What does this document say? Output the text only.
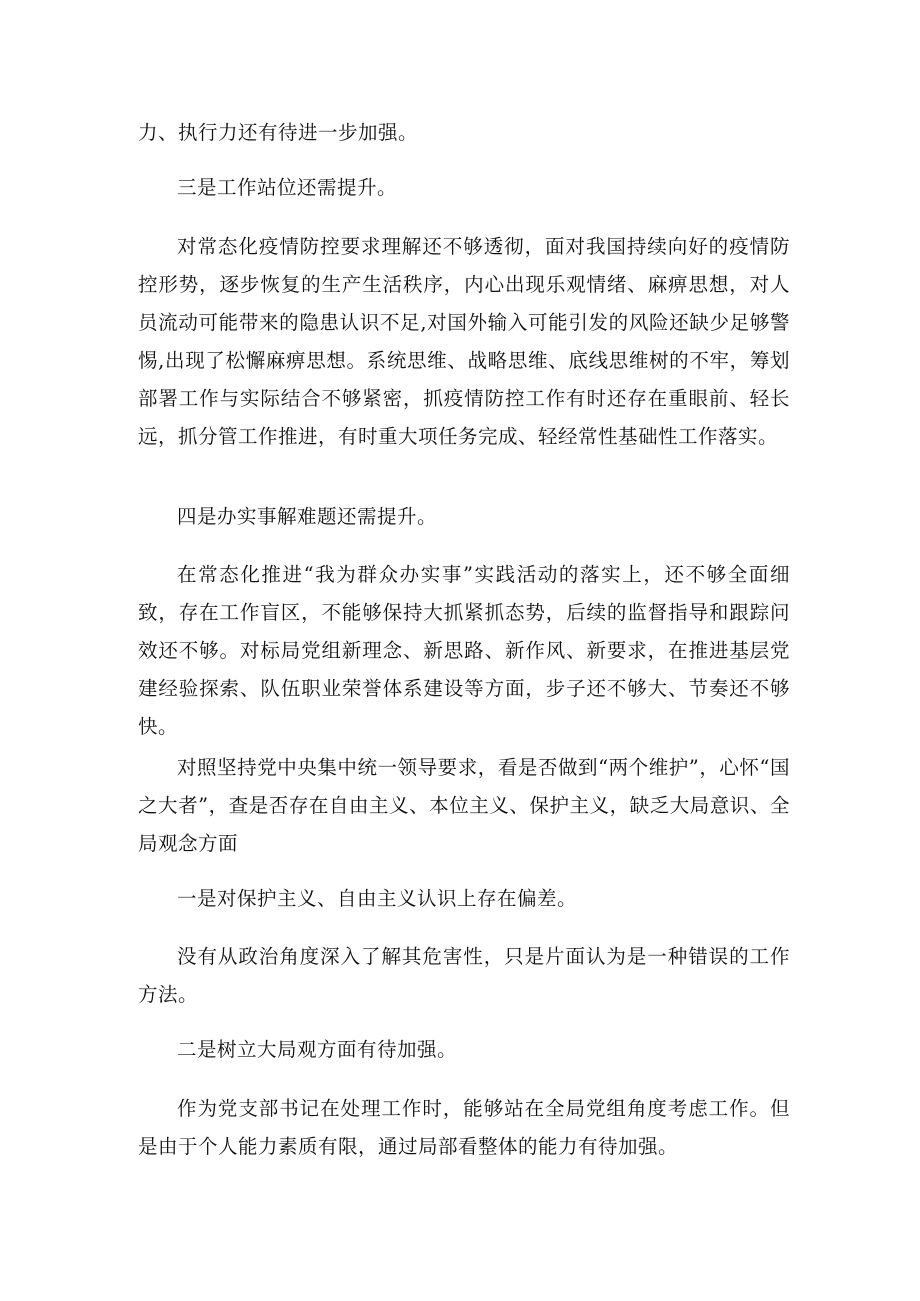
力、执行力还有待进一步加强。

三是工作站位还需提升。

对常态化疫情防控要求理解还不够透彻，面对我国持续向好的疫情防控形势，逐步恢复的生产生活秩序，内心出现乐观情绪、麻痹思想，对人员流动可能带来的隐患认识不足,对国外输入可能引发的风险还缺少足够警惕,出现了松懈麻痹思想。系统思维、战略思维、底线思维树的不牢，筹划部署工作与实际结合不够紧密，抓疫情防控工作有时还存在重眼前、轻长远，抓分管工作推进，有时重大项任务完成、轻经常性基础性工作落实。

四是办实事解难题还需提升。

在常态化推进“我为群众办实事”实践活动的落实上，还不够全面细致，存在工作盲区，不能够保持大抓紧抓态势，后续的监督指导和跟踪问效还不够。对标局党组新理念、新思路、新作风、新要求，在推进基层党建经验探索、队伍职业荣誉体系建设等方面，步子还不够大、节奏还不够快。

对照坚持党中央集中统一领导要求，看是否做到“两个维护”，心怀“国之大者”，查是否存在自由主义、本位主义、保护主义，缺乏大局意识、全局观念方面

一是对保护主义、自由主义认识上存在偏差。

没有从政治角度深入了解其危害性，只是片面认为是一种错误的工作方法。

二是树立大局观方面有待加强。

作为党支部书记在处理工作时，能够站在全局党组角度考虑工作。但是由于个人能力素质有限，通过局部看整体的能力有待加强。
